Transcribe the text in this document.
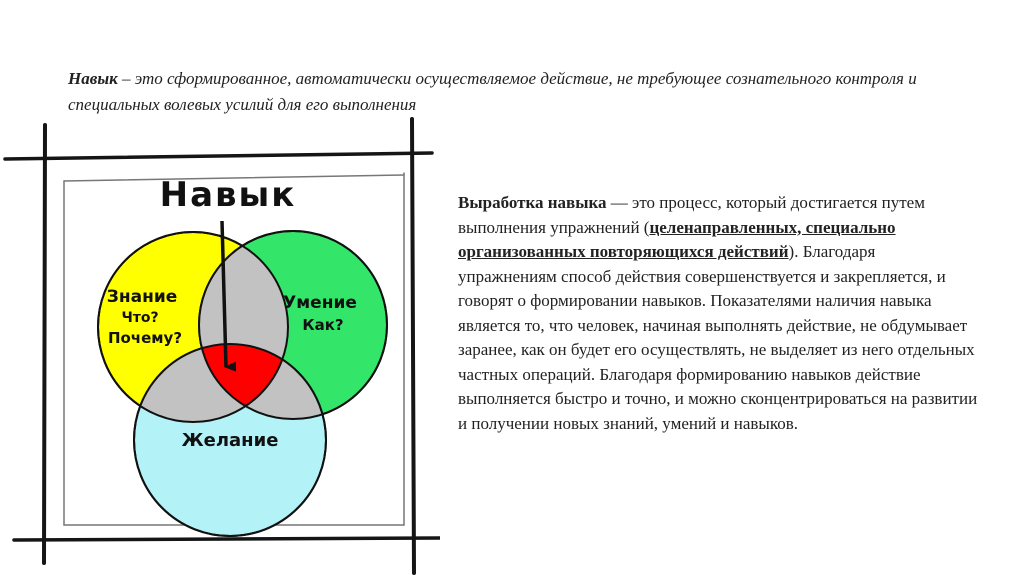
Навык – это сформированное, автоматически осуществляемое действие, не требующее сознательного контроля и специальных волевых усилий для его выполнения

Навык
Знание Что? Почему?
Умение Как?
Желание

Выработка навыка — это процесс, который достигается путем выполнения упражнений (целенаправленных, специально организованных повторяющихся действий). Благодаря упражнениям способ действия совершенствуется и закрепляется, и говорят о формировании навыков. Показателями наличия навыка является то, что человек, начиная выполнять действие, не обдумывает заранее, как он будет его осуществлять, не выделяет из него отдельных частных операций. Благодаря формированию навыков действие выполняется быстро и точно, и можно сконцентрироваться на развитии и получении новых знаний, умений и навыков.
